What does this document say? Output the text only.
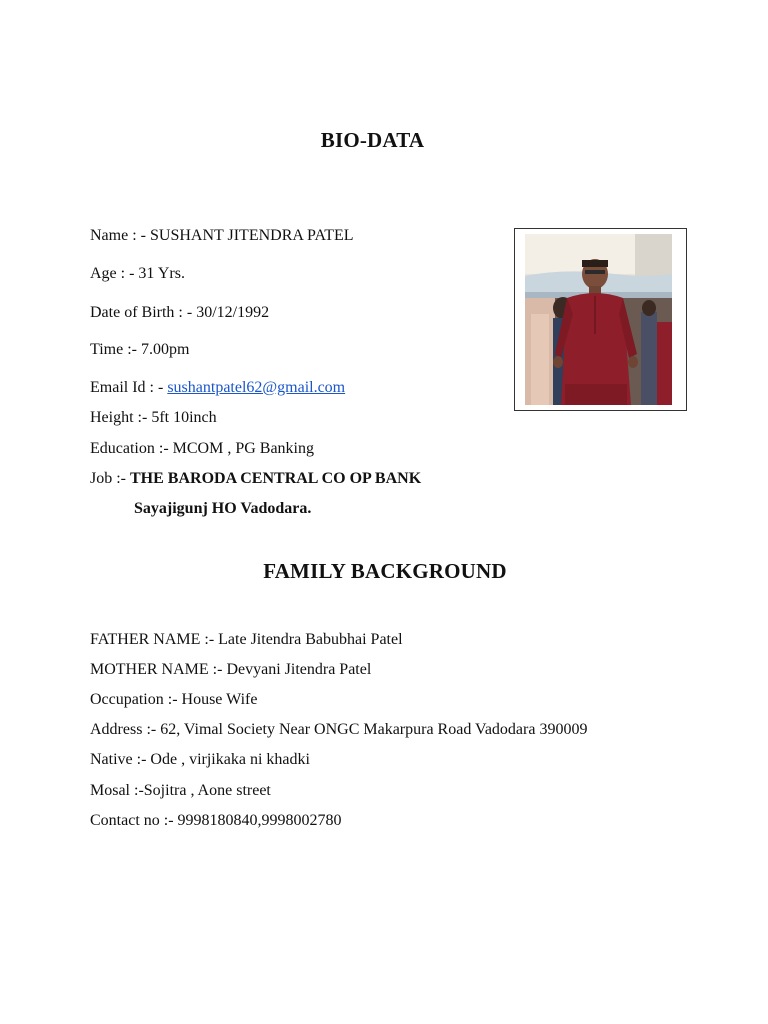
BIO-DATA
Name : - SUSHANT JITENDRA PATEL
Age : - 31 Yrs.
Date of Birth : - 30/12/1992
Time :- 7.00pm
Email Id : - sushantpatel62@gmail.com
Height :- 5ft 10inch
Education :- MCOM , PG Banking
Job :- THE BARODA CENTRAL CO OP BANK
Sayajigunj HO Vadodara.
FAMILY BACKGROUND
FATHER NAME :- Late Jitendra Babubhai Patel
MOTHER NAME :- Devyani Jitendra Patel
Occupation :- House Wife
Address :- 62, Vimal Society Near ONGC Makarpura Road Vadodara 390009
Native :- Ode , virjikaka ni khadki
Mosal :-Sojitra , Aone street
Contact no :- 9998180840,9998002780
